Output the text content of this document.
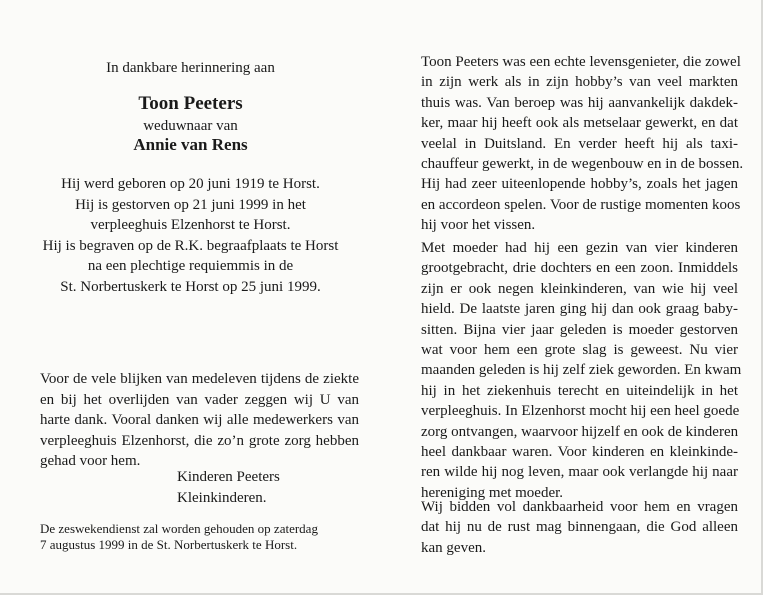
In dankbare herinnering aan
Toon Peeters
weduwnaar van
Annie van Rens
Hij werd geboren op 20 juni 1919 te Horst.
Hij is gestorven op 21 juni 1999 in het
verpleeghuis Elzenhorst te Horst.
Hij is begraven op de R.K. begraafplaats te Horst
na een plechtige requiemmis in de
St. Norbertuskerk te Horst op 25 juni 1999.
Voor de vele blijken van medeleven tijdens de ziekte
en bij het overlijden van vader zeggen wij U van
harte dank. Vooral danken wij alle medewerkers van
verpleeghuis Elzenhorst, die zo’n grote zorg hebben
gehad voor hem.
Kinderen Peeters
Kleinkinderen.
De zeswekendienst zal worden gehouden op zaterdag
7 augustus 1999 in de St. Norbertuskerk te Horst.
Toon Peeters was een echte levensgenieter, die zowel
in zijn werk als in zijn hobby’s van veel markten
thuis was. Van beroep was hij aanvankelijk dakdek-
ker, maar hij heeft ook als metselaar gewerkt, en dat
veelal in Duitsland. En verder heeft hij als taxi-
chauffeur gewerkt, in de wegenbouw en in de bossen.
Hij had zeer uiteenlopende hobby’s, zoals het jagen
en accordeon spelen. Voor de rustige momenten koos
hij voor het vissen.
Met moeder had hij een gezin van vier kinderen
grootgebracht, drie dochters en een zoon. Inmiddels
zijn er ook negen kleinkinderen, van wie hij veel
hield. De laatste jaren ging hij dan ook graag baby-
sitten. Bijna vier jaar geleden is moeder gestorven
wat voor hem een grote slag is geweest. Nu vier
maanden geleden is hij zelf ziek geworden. En kwam
hij in het ziekenhuis terecht en uiteindelijk in het
verpleeghuis. In Elzenhorst mocht hij een heel goede
zorg ontvangen, waarvoor hijzelf en ook de kinderen
heel dankbaar waren. Voor kinderen en kleinkinde-
ren wilde hij nog leven, maar ook verlangde hij naar
hereniging met moeder.
Wij bidden vol dankbaarheid voor hem en vragen
dat hij nu de rust mag binnengaan, die God alleen
kan geven.
